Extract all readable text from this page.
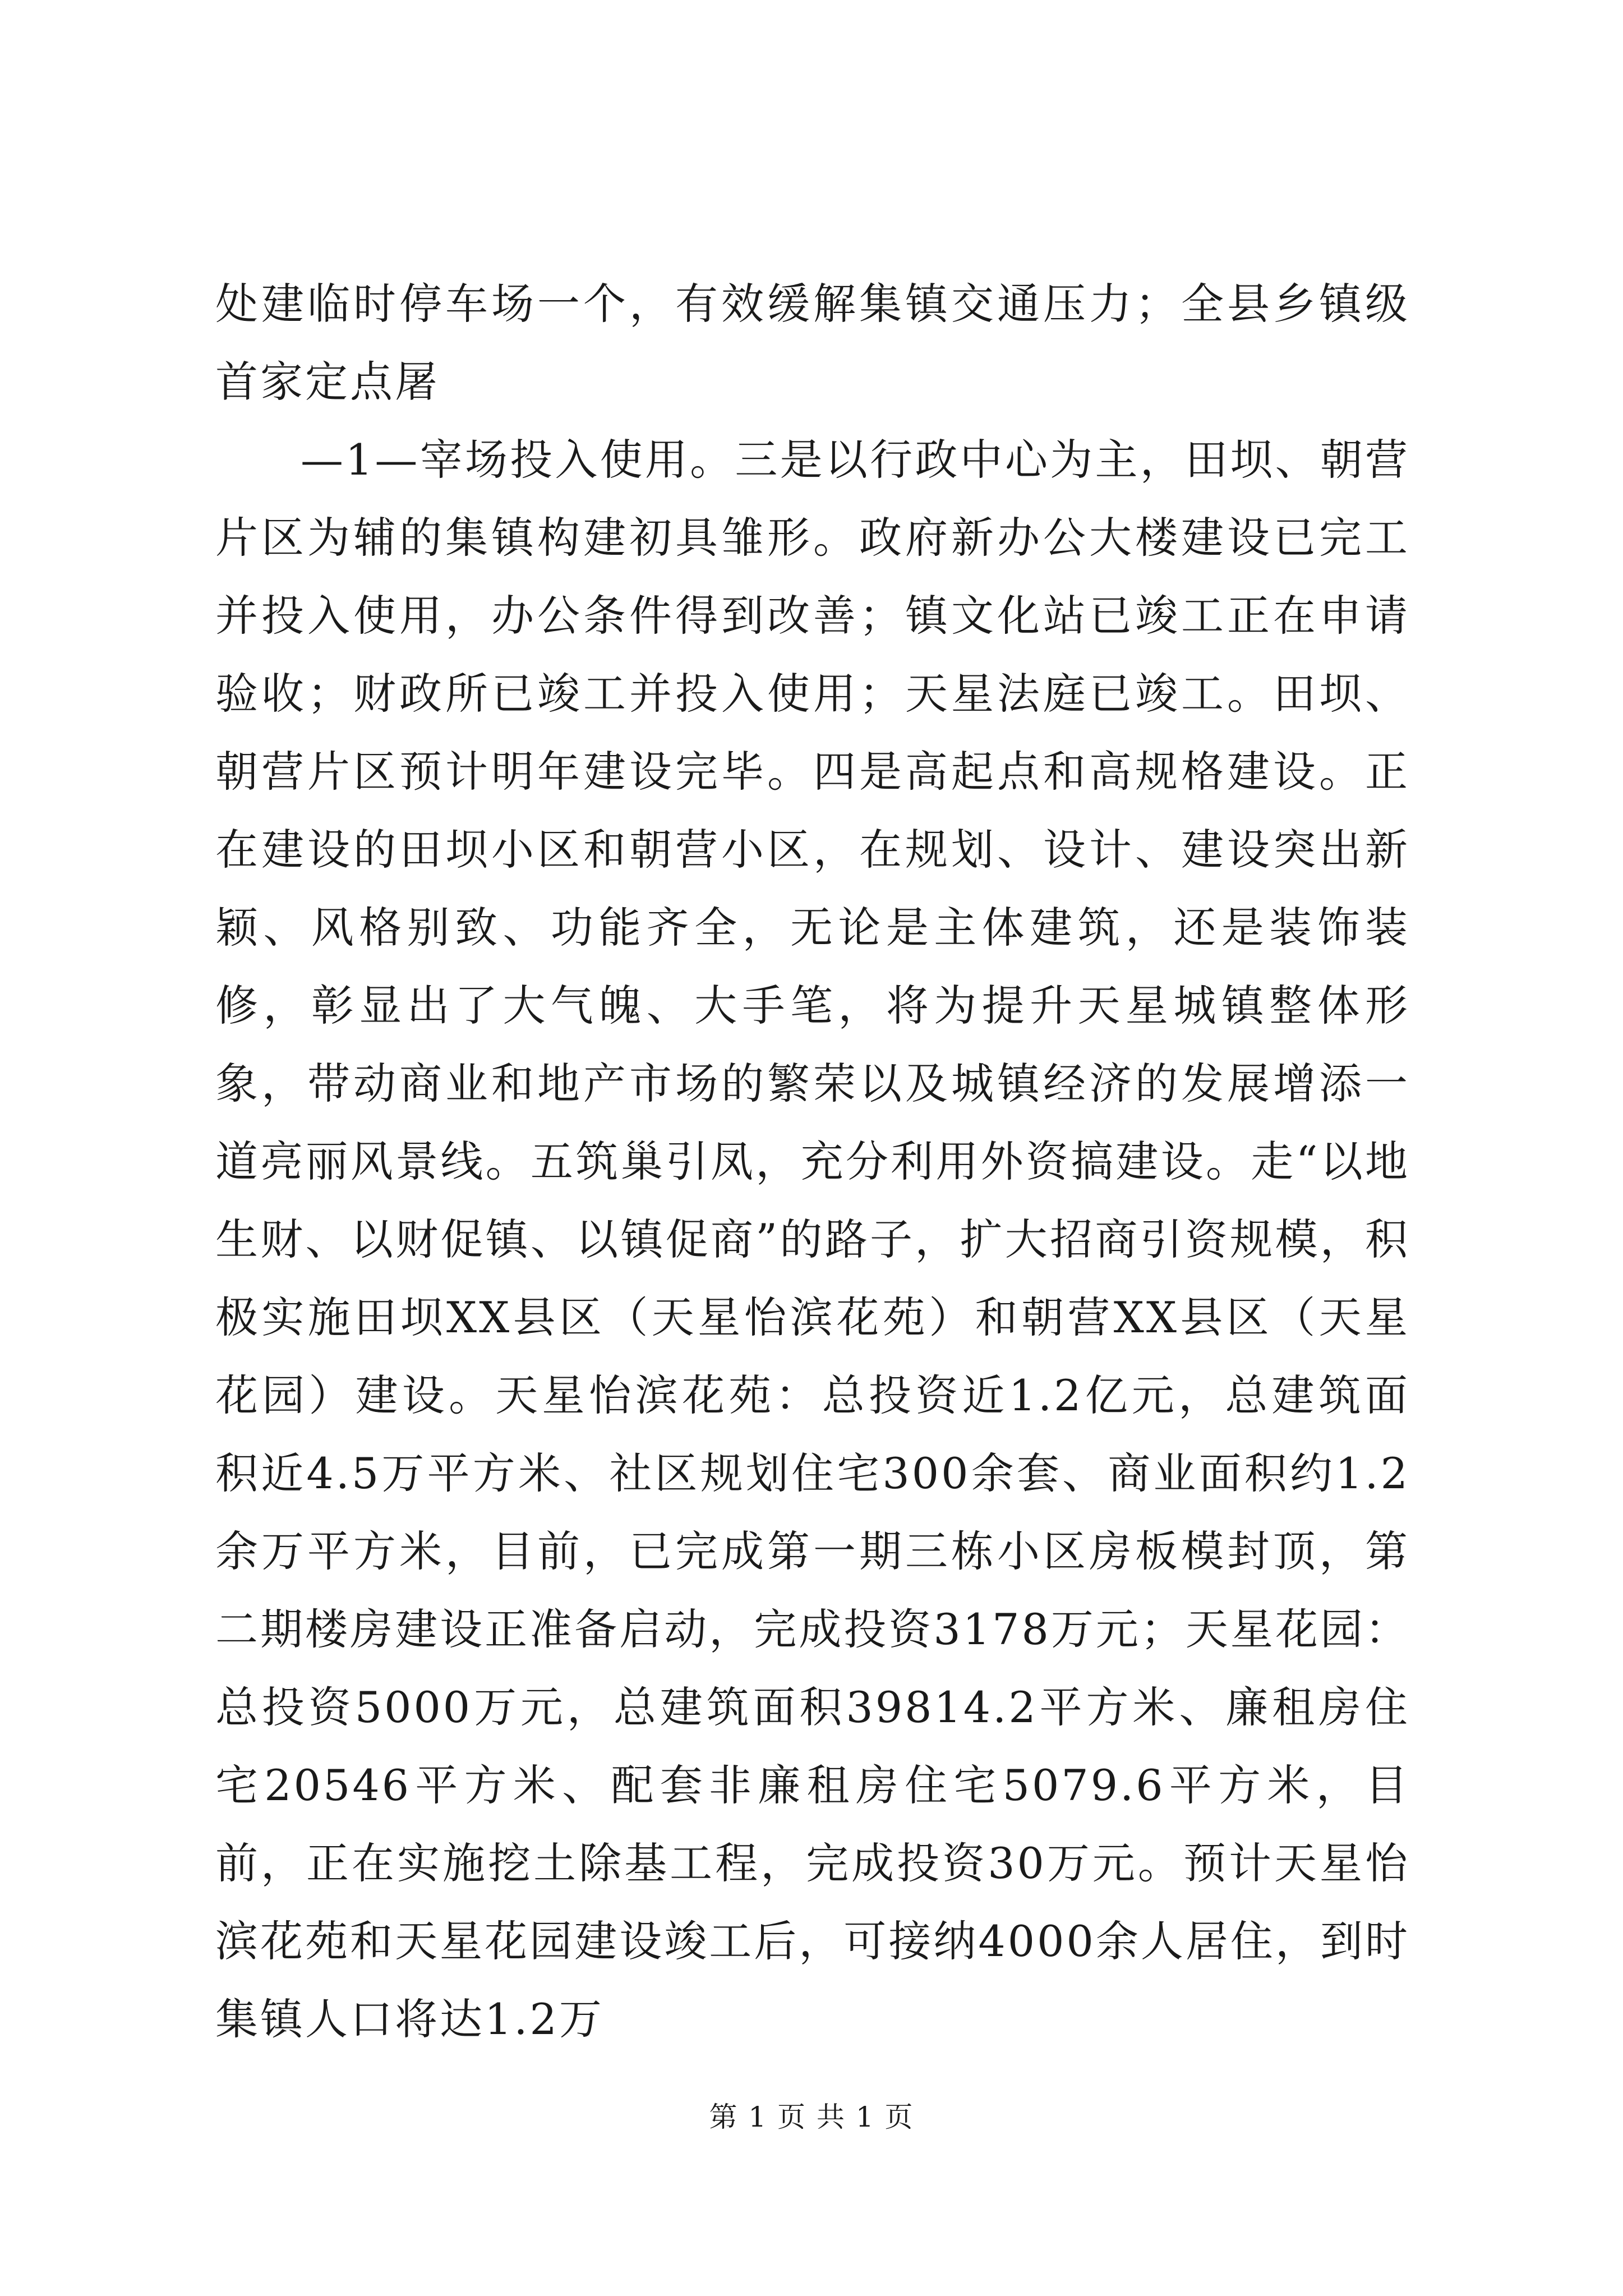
处建临时停车场一个，有效缓解集镇交通压力；全县乡镇级首家定点屠

—1—宰场投入使用。三是以行政中心为主，田坝、朝营片区为辅的集镇构建初具雏形。政府新办公大楼建设已完工并投入使用，办公条件得到改善；镇文化站已竣工正在申请验收；财政所已竣工并投入使用；天星法庭已竣工。田坝、朝营片区预计明年建设完毕。四是高起点和高规格建设。正在建设的田坝小区和朝营小区，在规划、设计、建设突出新颖、风格别致、功能齐全，无论是主体建筑，还是装饰装修，彰显出了大气魄、大手笔，将为提升天星城镇整体形象，带动商业和地产市场的繁荣以及城镇经济的发展增添一道亮丽风景线。五筑巢引凤，充分利用外资搞建设。走“以地生财、以财促镇、以镇促商”的路子，扩大招商引资规模，积极实施田坝XX县区（天星怡滨花苑）和朝营XX县区（天星花园）建设。天星怡滨花苑：总投资近1.2亿元，总建筑面积近4.5万平方米、社区规划住宅300余套、商业面积约1.2余万平方米，目前，已完成第一期三栋小区房板模封顶，第二期楼房建设正准备启动，完成投资3178万元；天星花园：总投资5000万元，总建筑面积39814.2平方米、廉租房住宅20546平方米、配套非廉租房住宅5079.6平方米，目前，正在实施挖土除基工程，完成投资30万元。预计天星怡滨花苑和天星花园建设竣工后，可接纳4000余人居住，到时集镇人口将达1.2万

第 1 页 共 1 页
